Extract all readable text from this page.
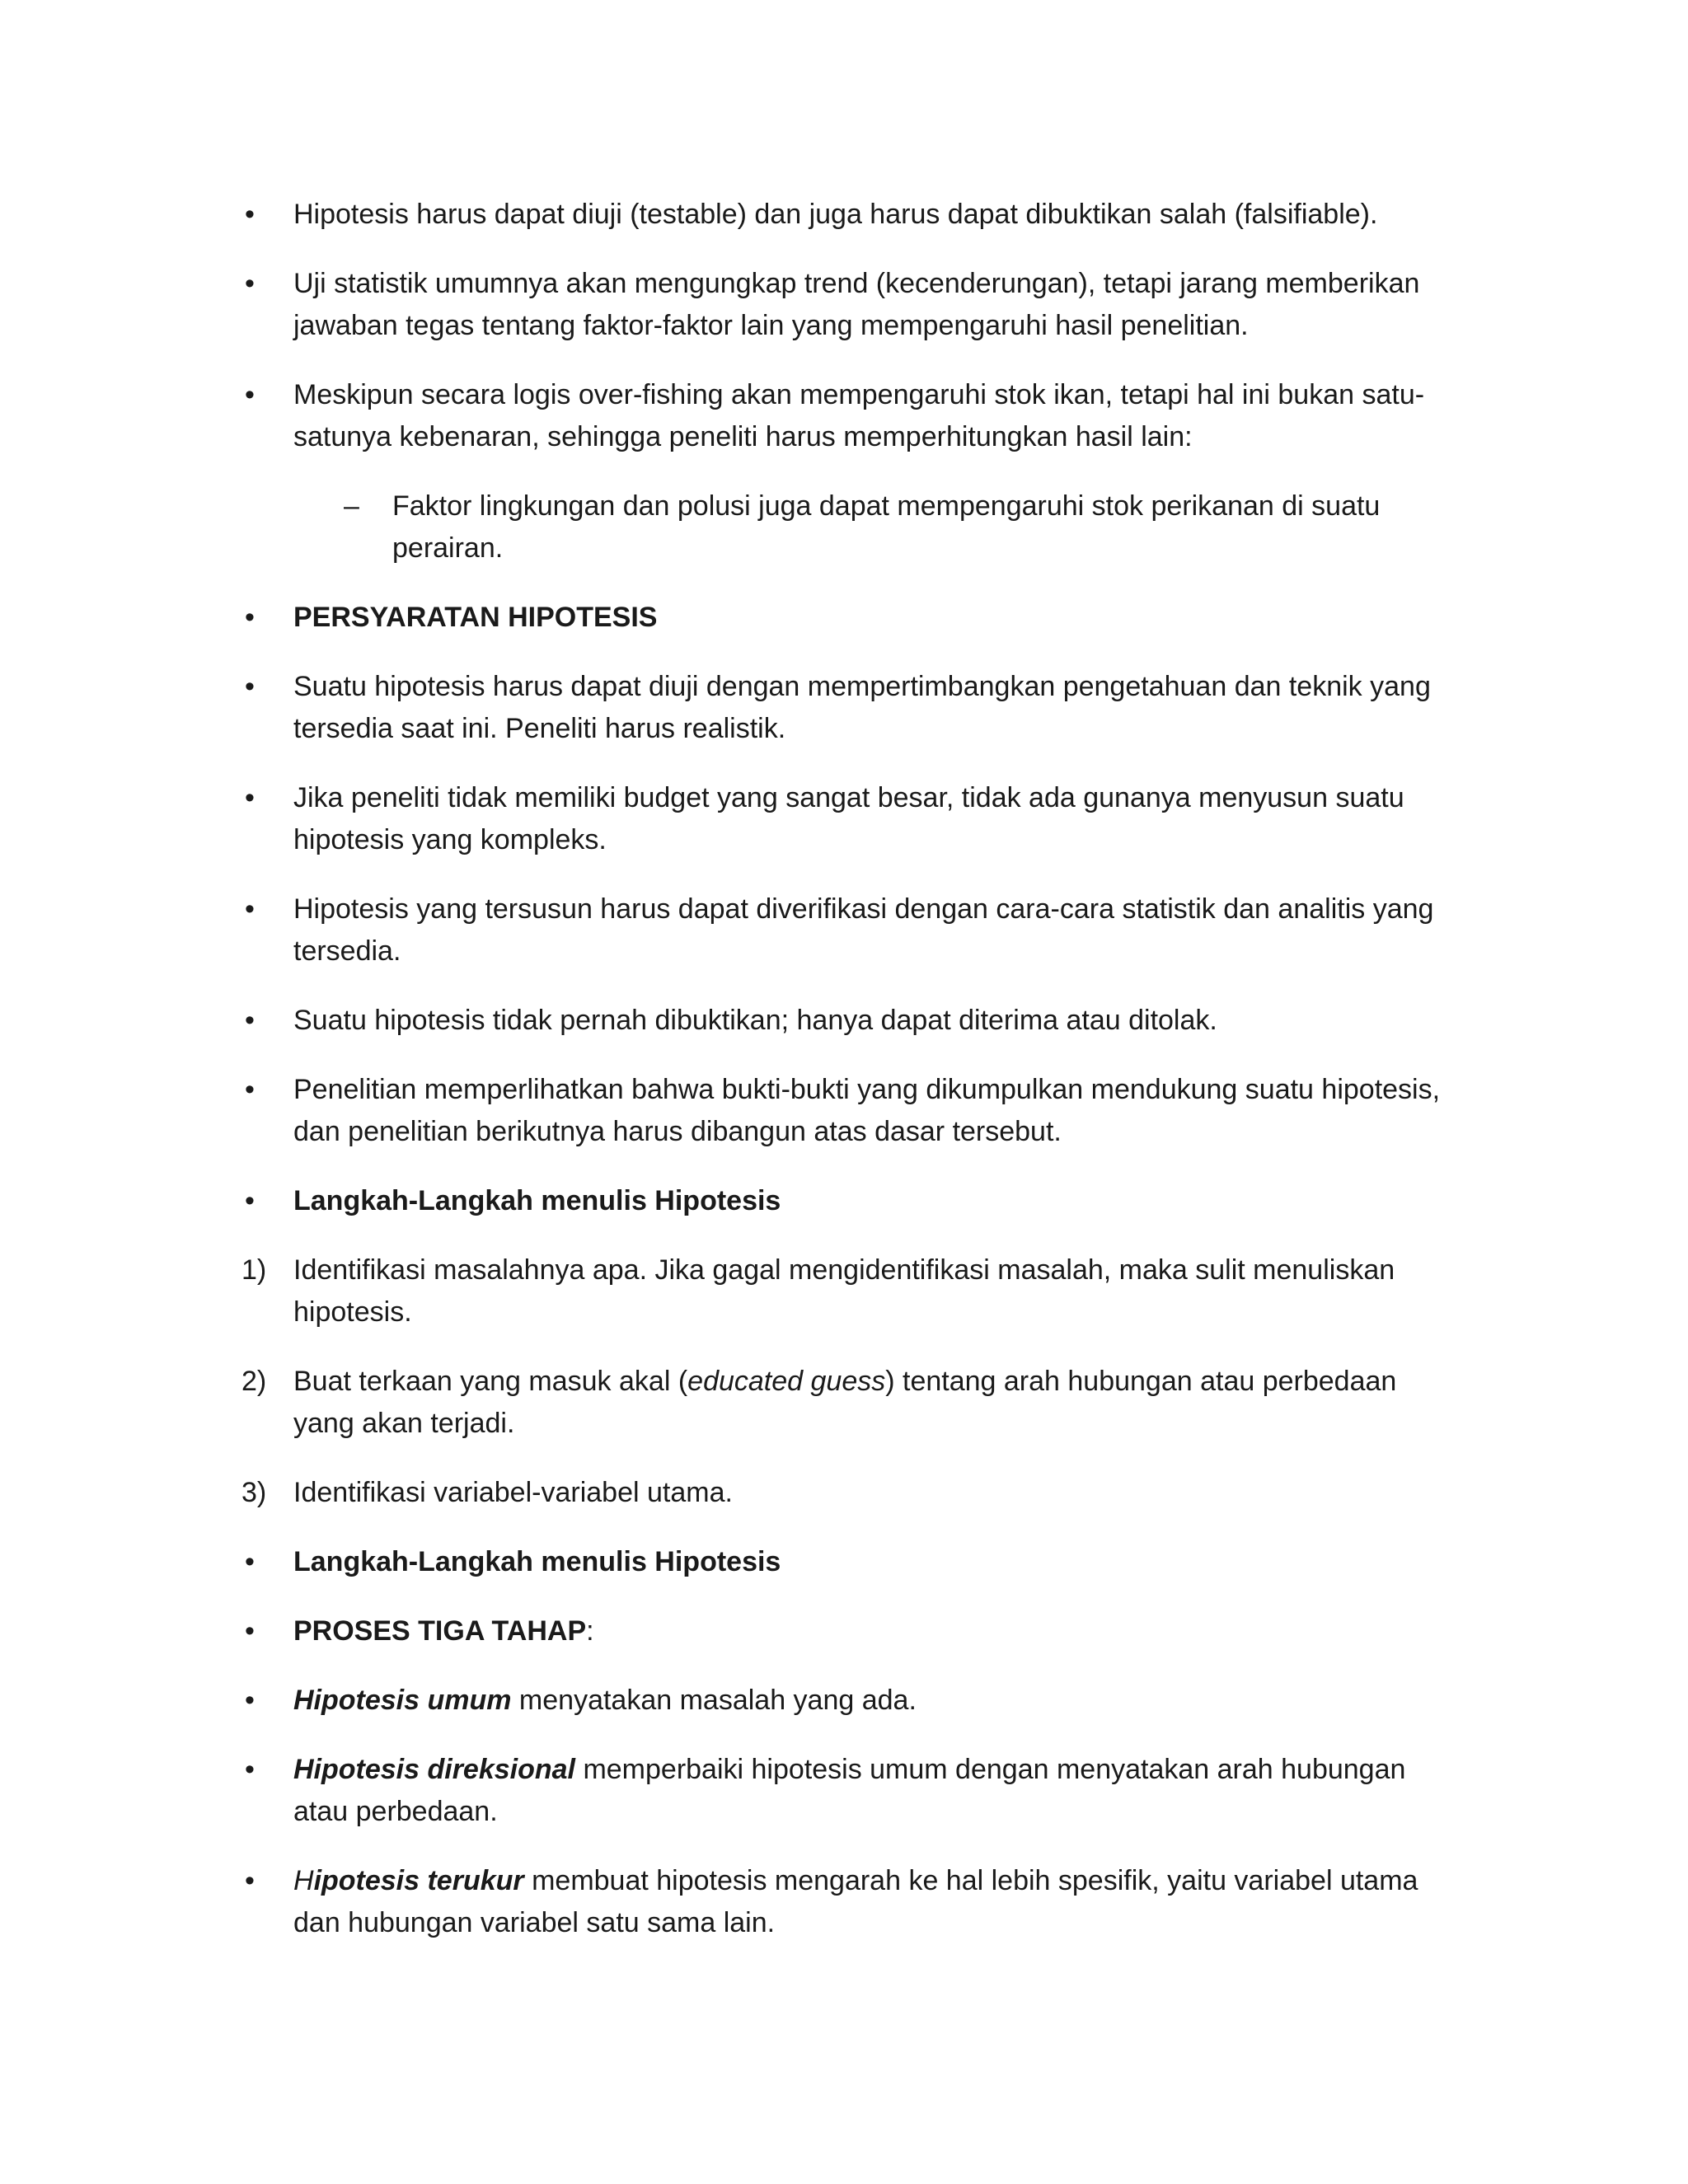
•	Hipotesis harus dapat diuji (testable) dan juga harus dapat dibuktikan salah (falsifiable).
•	Uji statistik umumnya akan mengungkap trend (kecenderungan), tetapi jarang memberikan jawaban tegas tentang faktor-faktor lain yang mempengaruhi hasil penelitian.
•	Meskipun secara logis over-fishing akan mempengaruhi stok ikan, tetapi hal ini bukan satu-satunya kebenaran, sehingga peneliti harus memperhitungkan hasil lain:
–	Faktor lingkungan dan polusi juga dapat mempengaruhi stok perikanan di suatu perairan.
•	PERSYARATAN HIPOTESIS
•	Suatu hipotesis harus dapat diuji dengan mempertimbangkan pengetahuan dan teknik yang tersedia saat ini. Peneliti harus realistik.
•	Jika peneliti tidak memiliki budget yang sangat besar, tidak ada gunanya menyusun suatu hipotesis yang kompleks.
•	Hipotesis yang tersusun harus dapat diverifikasi dengan cara-cara statistik dan analitis yang tersedia.
•	Suatu hipotesis tidak pernah dibuktikan; hanya dapat diterima atau ditolak.
•	Penelitian memperlihatkan bahwa bukti-bukti yang dikumpulkan mendukung suatu hipotesis, dan penelitian berikutnya harus dibangun atas dasar tersebut.
•	Langkah-Langkah menulis Hipotesis
1) Identifikasi masalahnya apa. Jika gagal mengidentifikasi masalah, maka sulit menuliskan hipotesis.
2) Buat terkaan yang masuk akal (educated guess) tentang arah hubungan atau perbedaan yang akan terjadi.
3) Identifikasi variabel-variabel utama.
•	Langkah-Langkah menulis Hipotesis
•	PROSES TIGA TAHAP:
•	Hipotesis umum menyatakan masalah yang ada.
•	Hipotesis direksional memperbaiki hipotesis umum dengan menyatakan arah hubungan atau perbedaan.
•	Hipotesis terukur membuat hipotesis mengarah ke hal lebih spesifik, yaitu variabel utama dan hubungan variabel satu sama lain.
